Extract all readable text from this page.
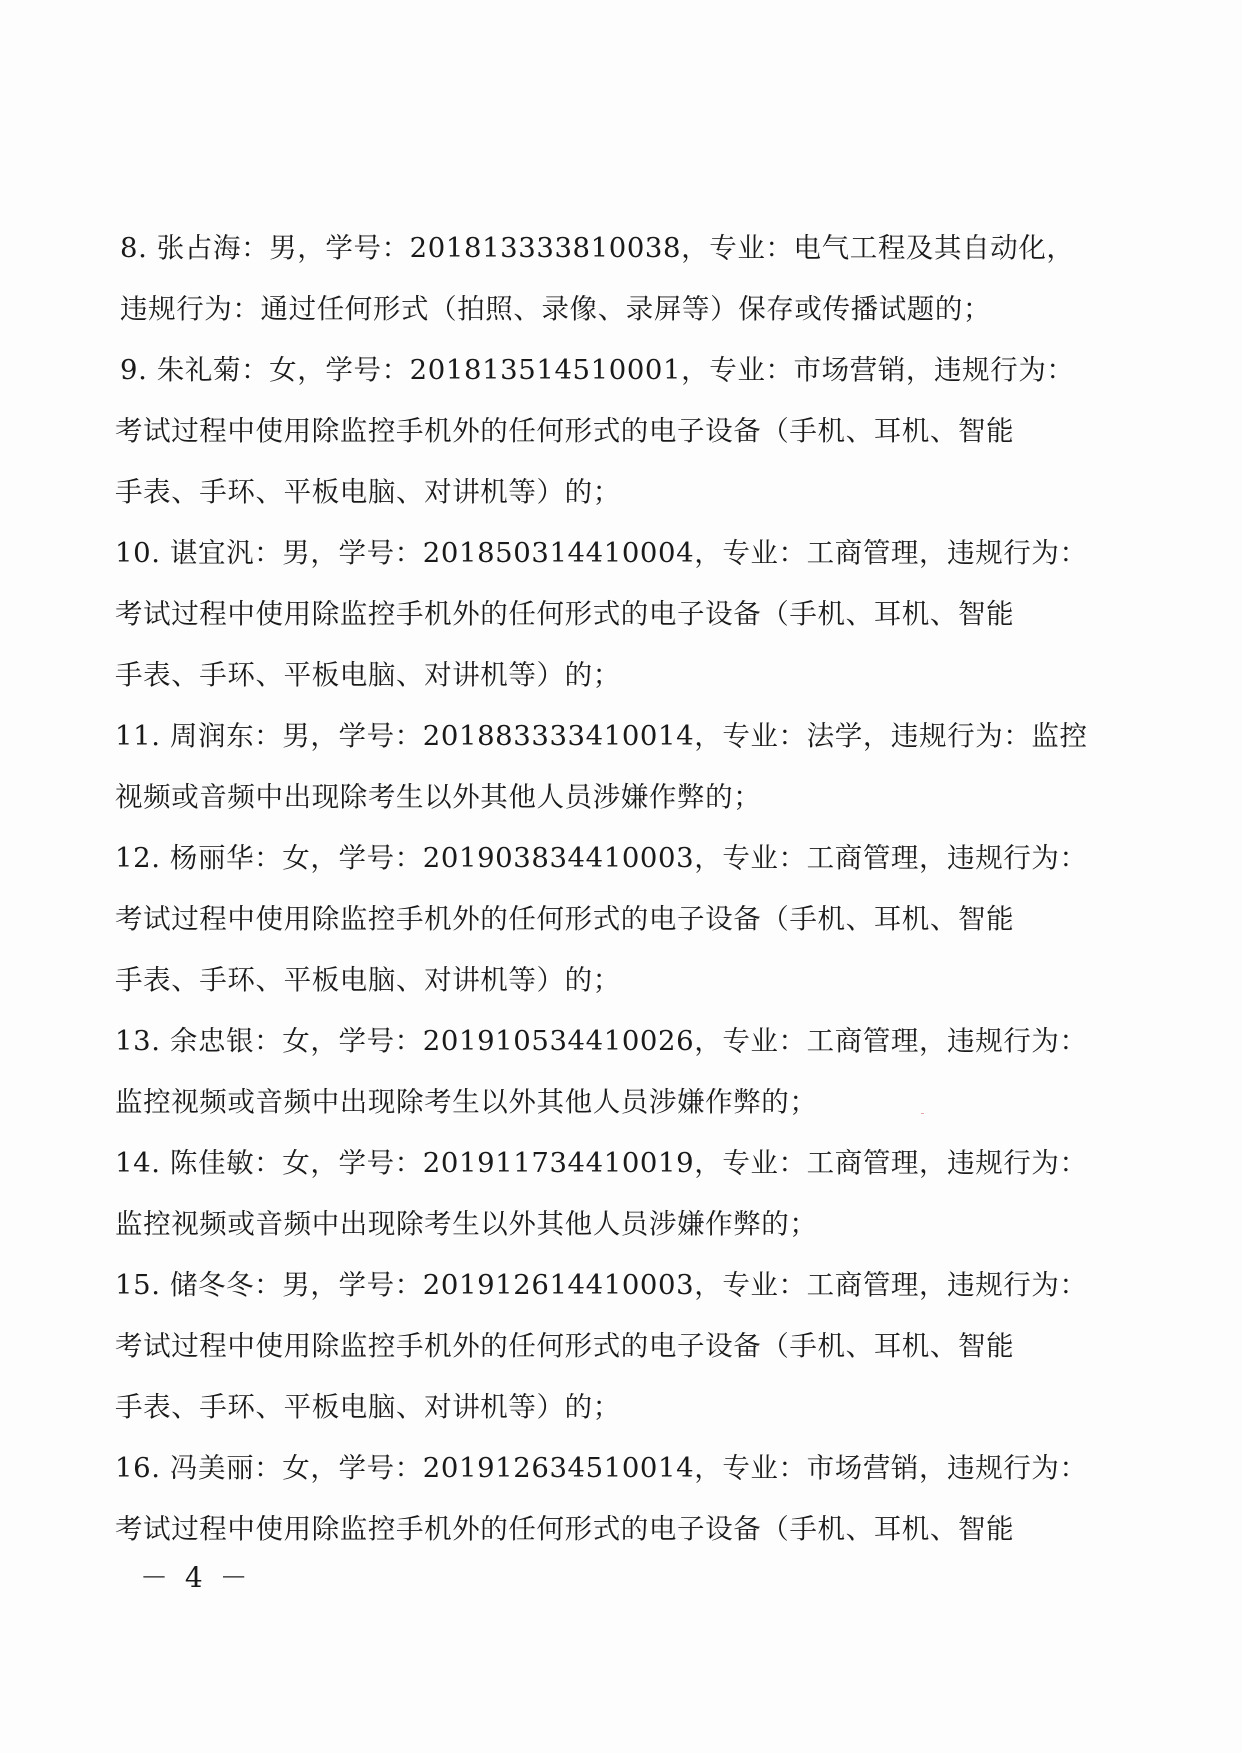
8. 张占海：男，学号：201813333810038，专业：电气工程及其自动化，
违规行为：通过任何形式（拍照、录像、录屏等）保存或传播试题的；
9. 朱礼菊：女，学号：201813514510001，专业：市场营销，违规行为：
考试过程中使用除监控手机外的任何形式的电子设备（手机、耳机、智能
手表、手环、平板电脑、对讲机等）的；
10. 谌宜汎：男，学号：201850314410004，专业：工商管理，违规行为：
考试过程中使用除监控手机外的任何形式的电子设备（手机、耳机、智能
手表、手环、平板电脑、对讲机等）的；
11. 周润东：男，学号：201883333410014，专业：法学，违规行为：监控
视频或音频中出现除考生以外其他人员涉嫌作弊的；
12. 杨丽华：女，学号：201903834410003，专业：工商管理，违规行为：
考试过程中使用除监控手机外的任何形式的电子设备（手机、耳机、智能
手表、手环、平板电脑、对讲机等）的；
13. 余忠银：女，学号：201910534410026，专业：工商管理，违规行为：
监控视频或音频中出现除考生以外其他人员涉嫌作弊的；
14. 陈佳敏：女，学号：201911734410019，专业：工商管理，违规行为：
监控视频或音频中出现除考生以外其他人员涉嫌作弊的；
15. 储冬冬：男，学号：201912614410003，专业：工商管理，违规行为：
考试过程中使用除监控手机外的任何形式的电子设备（手机、耳机、智能
手表、手环、平板电脑、对讲机等）的；
16. 冯美丽：女，学号：201912634510014，专业：市场营销，违规行为：
考试过程中使用除监控手机外的任何形式的电子设备（手机、耳机、智能
－ 4 －
